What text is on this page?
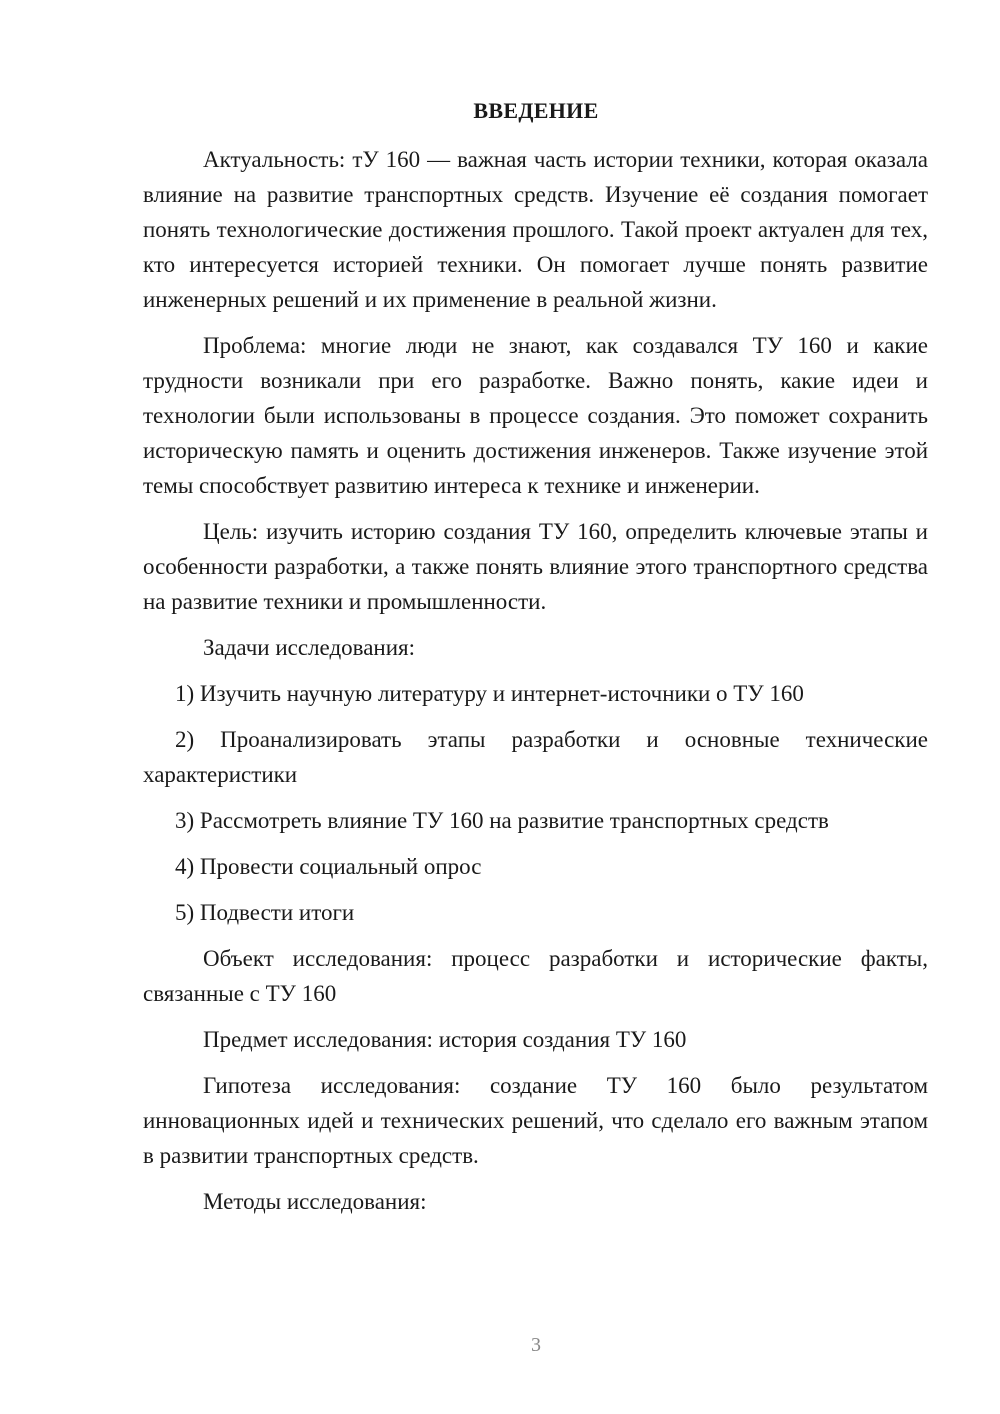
ВВЕДЕНИЕ

Актуальность: тУ 160 — важная часть истории техники, которая оказала влияние на развитие транспортных средств. Изучение её создания помогает понять технологические достижения прошлого. Такой проект актуален для тех, кто интересуется историей техники. Он помогает лучше понять развитие инженерных решений и их применение в реальной жизни.

Проблема: многие люди не знают, как создавался ТУ 160 и какие трудности возникали при его разработке. Важно понять, какие идеи и технологии были использованы в процессе создания. Это поможет сохранить историческую память и оценить достижения инженеров. Также изучение этой темы способствует развитию интереса к технике и инженерии.

Цель: изучить историю создания ТУ 160, определить ключевые этапы и особенности разработки, а также понять влияние этого транспортного средства на развитие техники и промышленности.

Задачи исследования:

1) Изучить научную литературу и интернет-источники о ТУ 160

2) Проанализировать этапы разработки и основные технические характеристики

3) Рассмотреть влияние ТУ 160 на развитие транспортных средств

4) Провести социальный опрос

5) Подвести итоги

Объект исследования: процесс разработки и исторические факты, связанные с ТУ 160

Предмет исследования: история создания ТУ 160

Гипотеза исследования: создание ТУ 160 было результатом инновационных идей и технических решений, что сделало его важным этапом в развитии транспортных средств.

Методы исследования:

3
